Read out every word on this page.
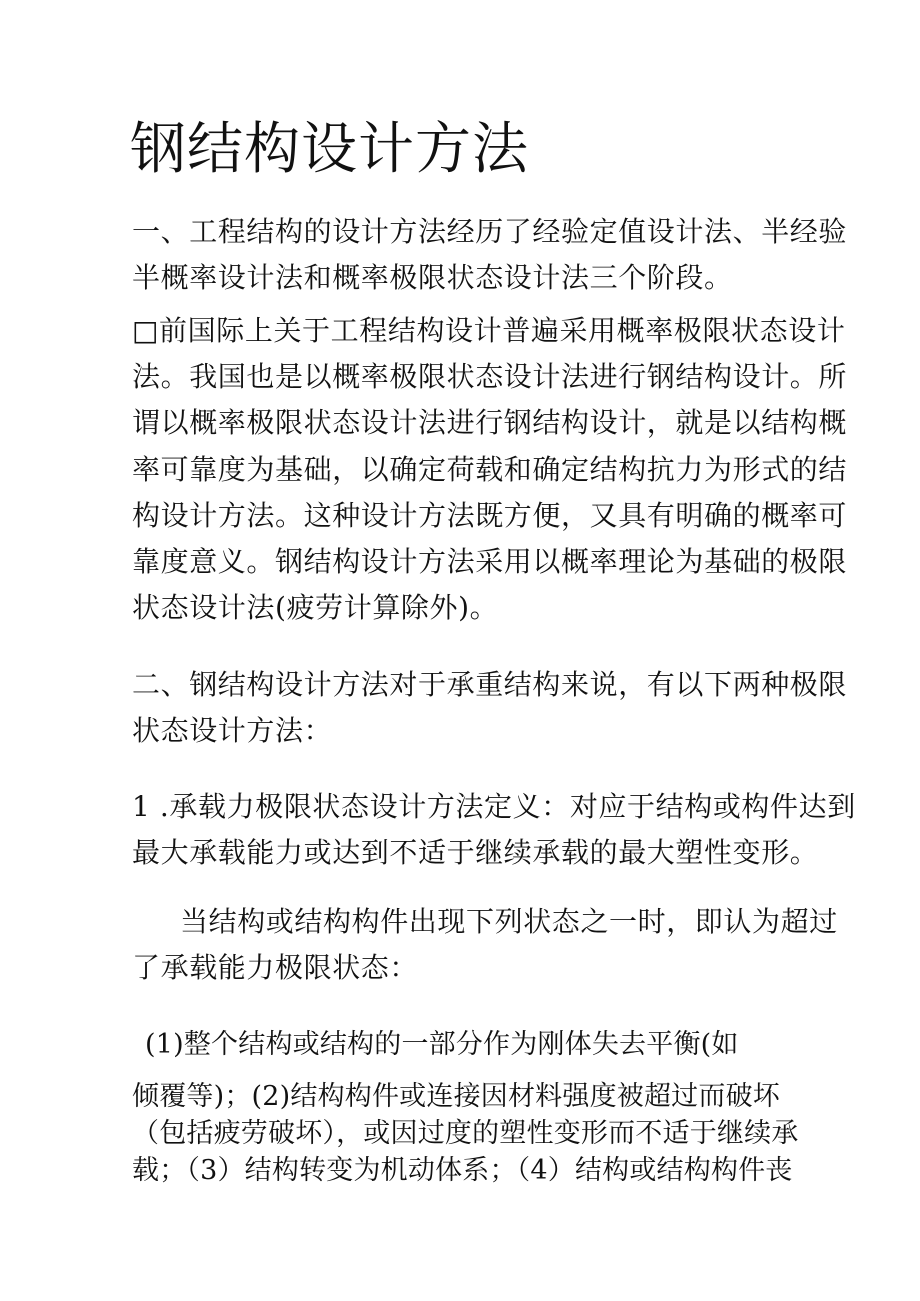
钢结构设计方法
一、工程结构的设计方法经历了经验定值设计法、半经验
半概率设计法和概率极限状态设计法三个阶段。
□前国际上关于工程结构设计普遍采用概率极限状态设计
法。我国也是以概率极限状态设计法进行钢结构设计。所
谓以概率极限状态设计法进行钢结构设计，就是以结构概
率可靠度为基础，以确定荷载和确定结构抗力为形式的结
构设计方法。这种设计方法既方便，又具有明确的概率可
靠度意义。钢结构设计方法采用以概率理论为基础的极限
状态设计法(疲劳计算除外)。
二、钢结构设计方法对于承重结构来说，有以下两种极限
状态设计方法：
1 .承载力极限状态设计方法定义：对应于结构或构件达到
最大承载能力或达到不适于继续承载的最大塑性变形。
当结构或结构构件出现下列状态之一时，即认为超过
了承载能力极限状态：
(1)整个结构或结构的一部分作为刚体失去平衡(如
倾覆等)；(2)结构构件或连接因材料强度被超过而破坏
（包括疲劳破坏），或因过度的塑性变形而不适于继续承
载；（3）结构转变为机动体系；（4）结构或结构构件丧
